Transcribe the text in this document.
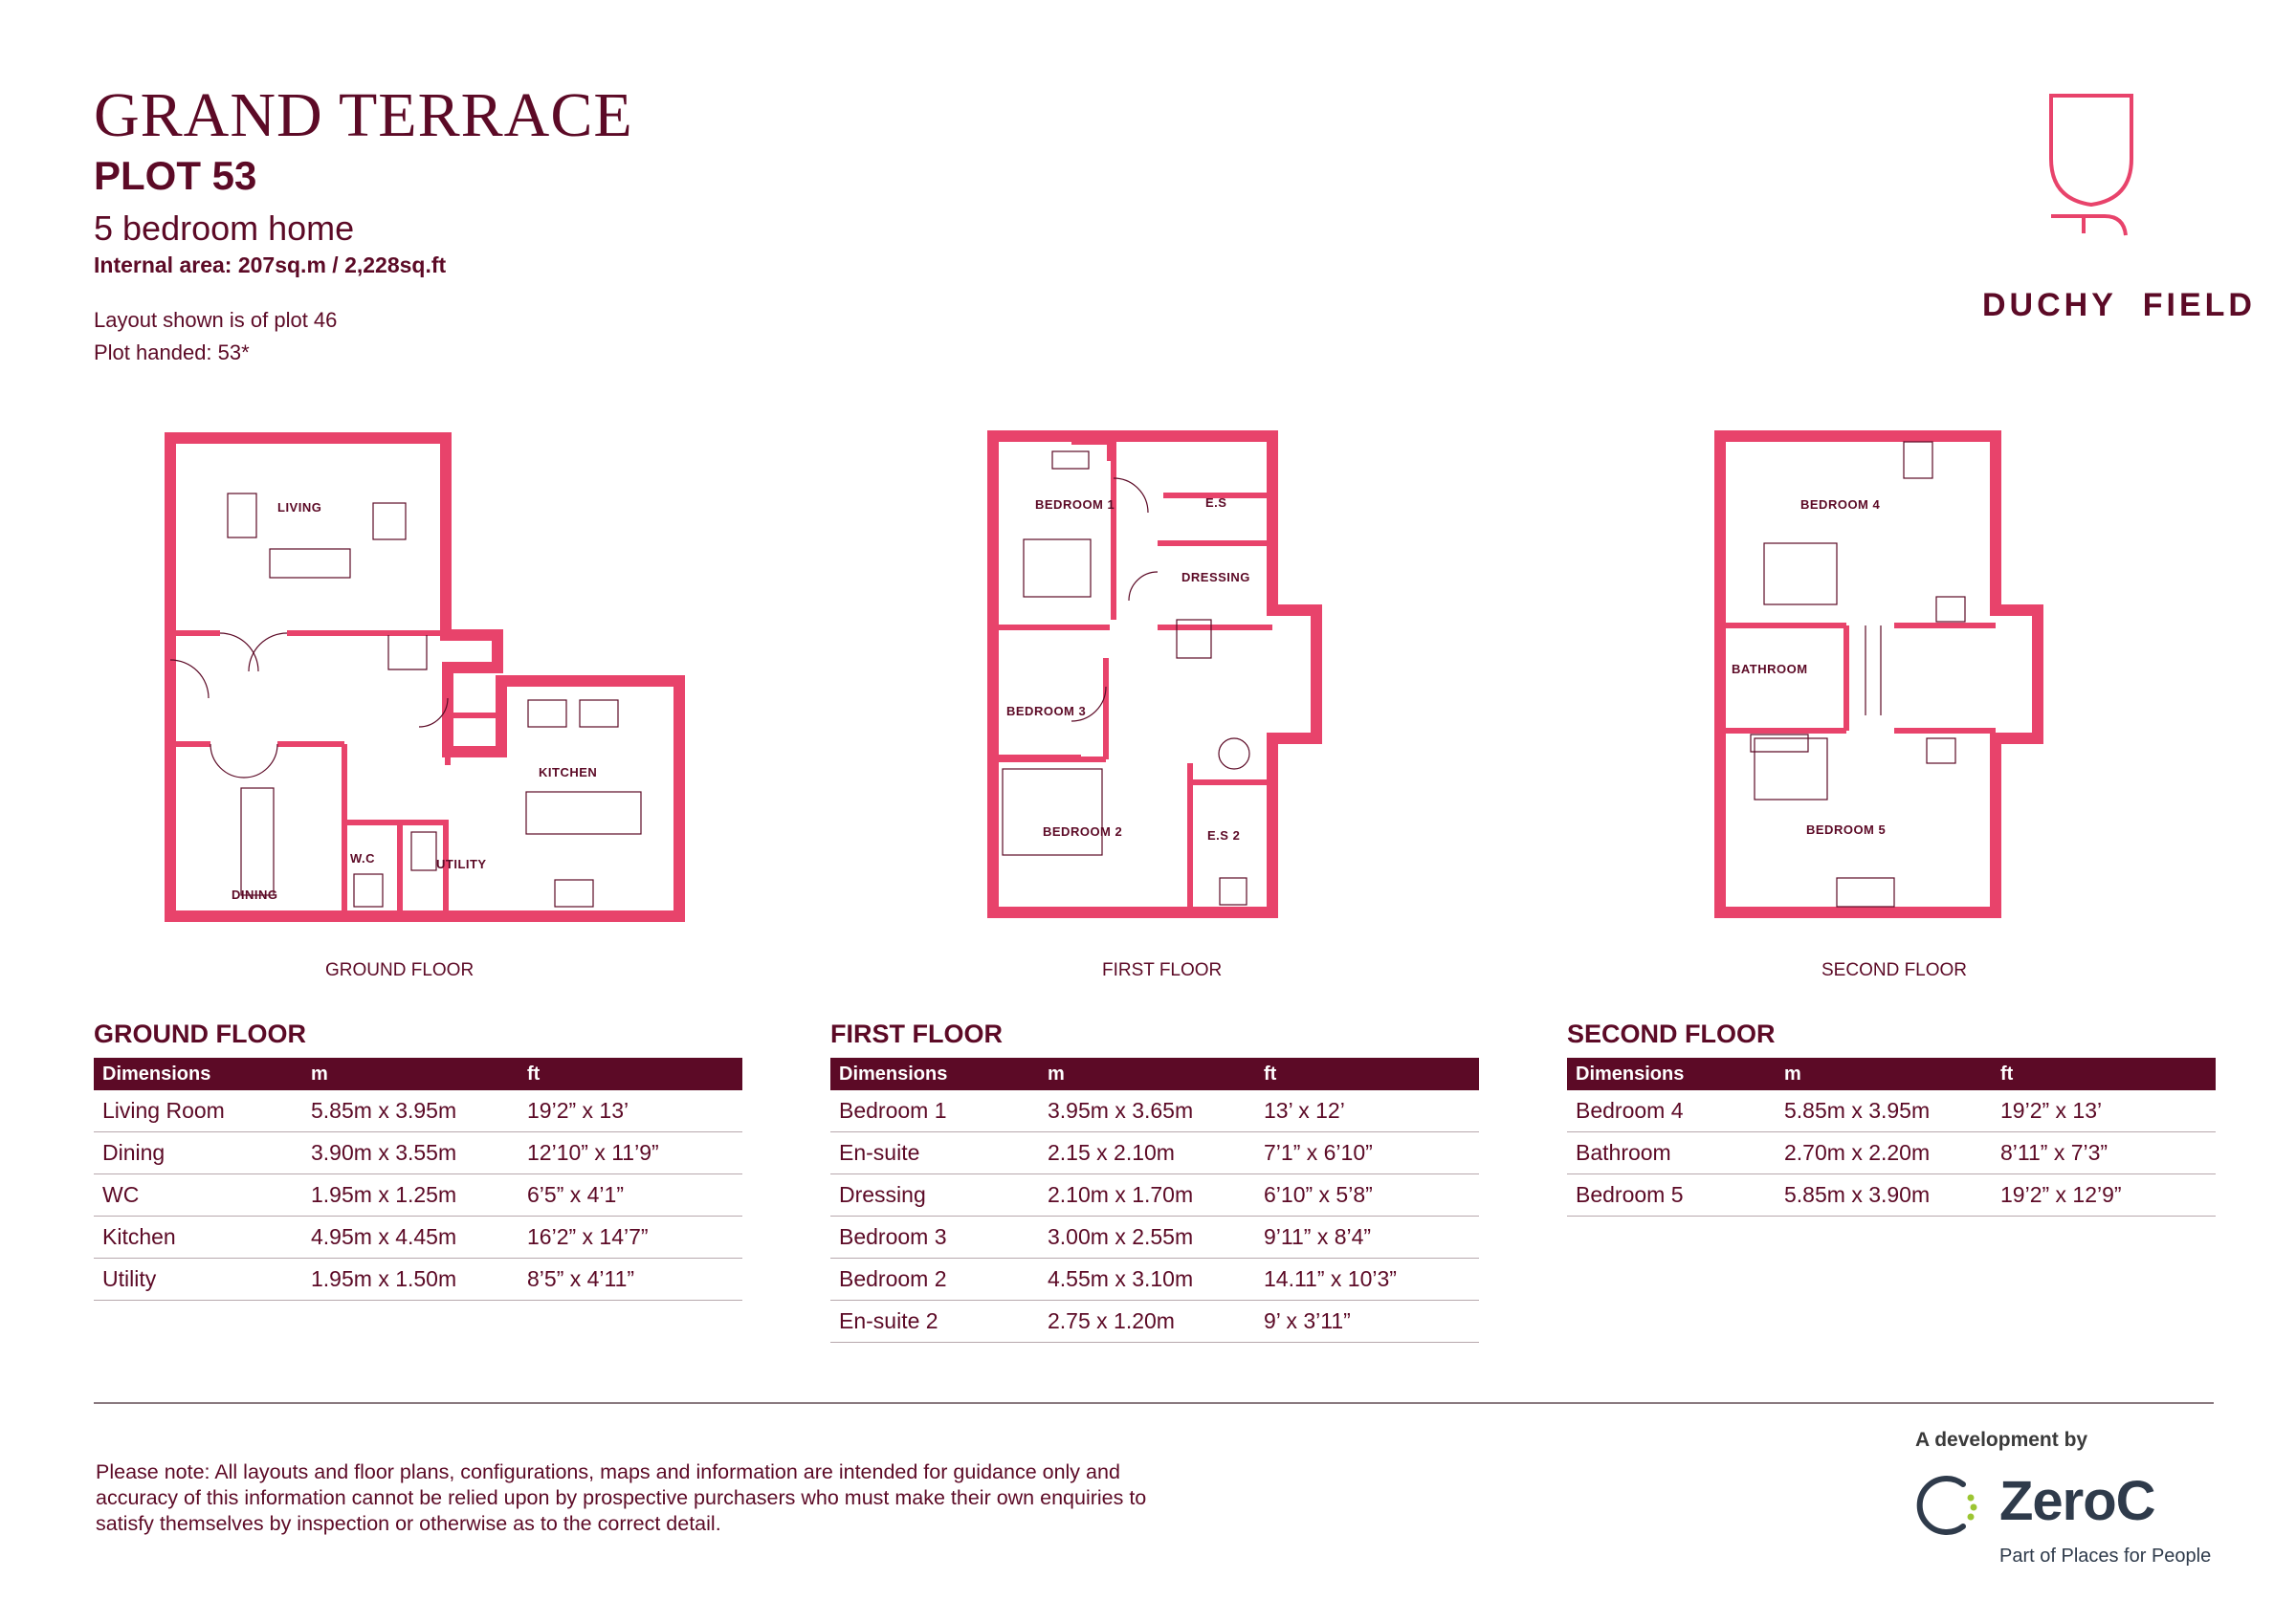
GRAND TERRACE
PLOT 53
5 bedroom home
Internal area: 207sq.m / 2,228sq.ft
Layout shown is of plot 46
Plot handed: 53*
DUCHY FIELD
LIVING
KITCHEN
DINING
W.C	UTILITY
GROUND FLOOR
BEDROOM 1	E.S
DRESSING
BEDROOM 3
BEDROOM 2	E.S 2
FIRST FLOOR
BEDROOM 4
BATHROOM
BEDROOM 5
SECOND FLOOR
GROUND FLOOR
Dimensions	m	ft
Living Room	5.85m x 3.95m	19’2” x 13’
Dining	3.90m x 3.55m	12’10” x 11’9”
WC	1.95m x 1.25m	6’5” x 4’1”
Kitchen	4.95m x 4.45m	16’2” x 14’7”
Utility	1.95m x 1.50m	8’5” x 4’11”
FIRST FLOOR
Dimensions	m	ft
Bedroom 1	3.95m x 3.65m	13’ x 12’
En-suite	2.15 x 2.10m	7’1” x 6’10”
Dressing	2.10m x 1.70m	6’10” x 5’8”
Bedroom 3	3.00m x 2.55m	9’11” x 8’4”
Bedroom 2	4.55m x 3.10m	14.11” x 10’3”
En-suite 2	2.75 x 1.20m	9’ x 3’11”
SECOND FLOOR
Dimensions	m	ft
Bedroom 4	5.85m x 3.95m	19’2” x 13’
Bathroom	2.70m x 2.20m	8’11” x 7’3”
Bedroom 5	5.85m x 3.90m	19’2” x 12’9”
Please note: All layouts and floor plans, configurations, maps and information are intended for guidance only and accuracy of this information cannot be relied upon by prospective purchasers who must make their own enquiries to satisfy themselves by inspection or otherwise as to the correct detail.
A development by
ZeroC
Part of Places for People
